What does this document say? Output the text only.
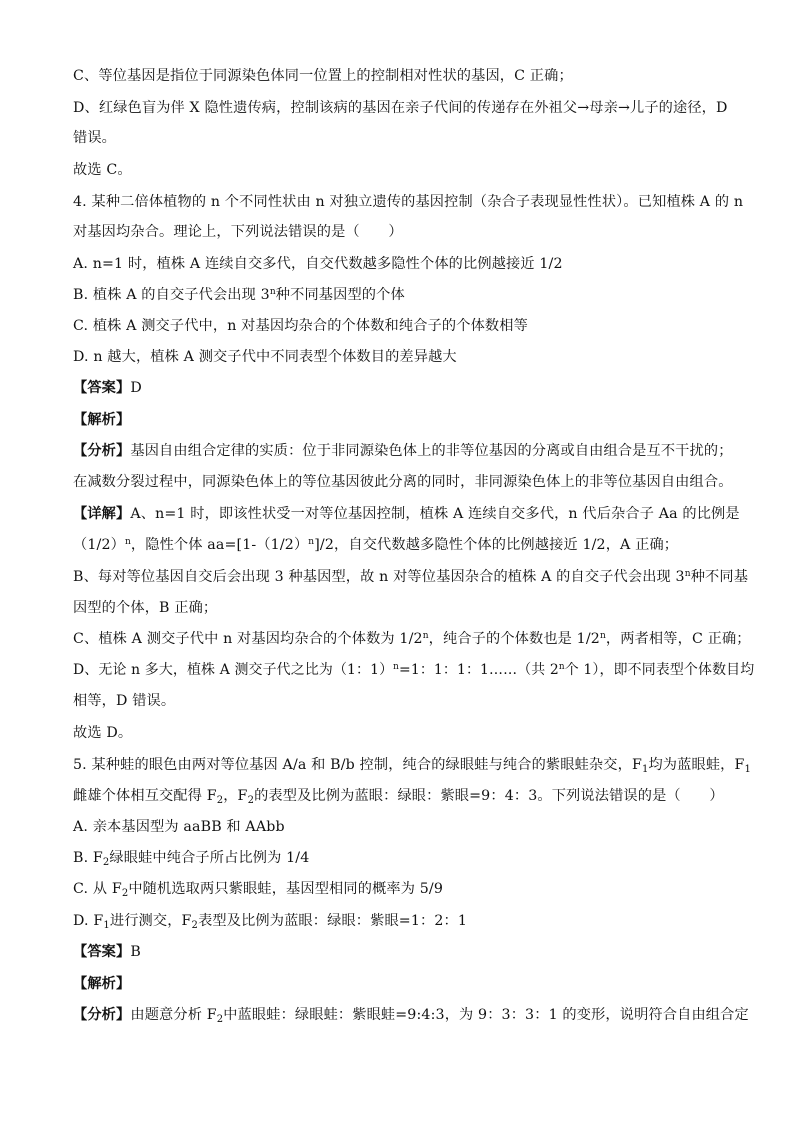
C、等位基因是指位于同源染色体同一位置上的控制相对性状的基因，C 正确；
D、红绿色盲为伴 X 隐性遗传病，控制该病的基因在亲子代间的传递存在外祖父→母亲→儿子的途径，D
错误。
故选 C。
4. 某种二倍体植物的 n 个不同性状由 n 对独立遗传的基因控制（杂合子表现显性性状）。已知植株 A 的 n
对基因均杂合。理论上，下列说法错误的是（　　）
A. n=1 时，植株 A 连续自交多代，自交代数越多隐性个体的比例越接近 1/2
B. 植株 A 的自交子代会出现 3$^n$种不同基因型的个体
C. 植株 A 测交子代中，n 对基因均杂合的个体数和纯合子的个体数相等
D. n 越大，植株 A 测交子代中不同表型个体数目的差异越大
【答案】D
【解析】
【分析】基因自由组合定律的实质：位于非同源染色体上的非等位基因的分离或自由组合是互不干扰的；
在减数分裂过程中，同源染色体上的等位基因彼此分离的同时，非同源染色体上的非等位基因自由组合。
【详解】A、n=1 时，即该性状受一对等位基因控制，植株 A 连续自交多代，n 代后杂合子 Aa 的比例是
$(1/2)^n$，隐性个体 $aa=[1-(1/2)^n]/2$，自交代数越多隐性个体的比例越接近 1/2，A 正确；
B、每对等位基因自交后会出现 3 种基因型，故 n 对等位基因杂合的植株 A 的自交子代会出现 3$^n$种不同基
因型的个体，B 正确；
C、植株 A 测交子代中 n 对基因均杂合的个体数为 1/2$^n$，纯合子的个体数也是 1/2$^n$，两者相等，C 正确；
D、无论 n 多大，植株 A 测交子代之比为（1：1）$^n$=1：1：1：1……（共 2$^n$个 1），即不同表型个体数目均
相等，D 错误。
故选 D。
5. 某种蛙的眼色由两对等位基因 A/a 和 B/b 控制，纯合的绿眼蛙与纯合的紫眼蛙杂交，$F_1$均为蓝眼蛙，$F_1$
雌雄个体相互交配得 $F_2$，$F_2$的表型及比例为蓝眼：绿眼：紫眼=9：4：3。下列说法错误的是（　　）
A. 亲本基因型为 aaBB 和 AAbb
B. $F_2$绿眼蛙中纯合子所占比例为 1/4
C. 从 $F_2$中随机选取两只紫眼蛙，基因型相同的概率为 5/9
D. $F_1$进行测交，$F_2$表型及比例为蓝眼：绿眼：紫眼=1：2：1
【答案】B
【解析】
【分析】由题意分析 $F_2$中蓝眼蛙：绿眼蛙：紫眼蛙=9:4:3，为 9：3：3：1 的变形，说明符合自由组合定
